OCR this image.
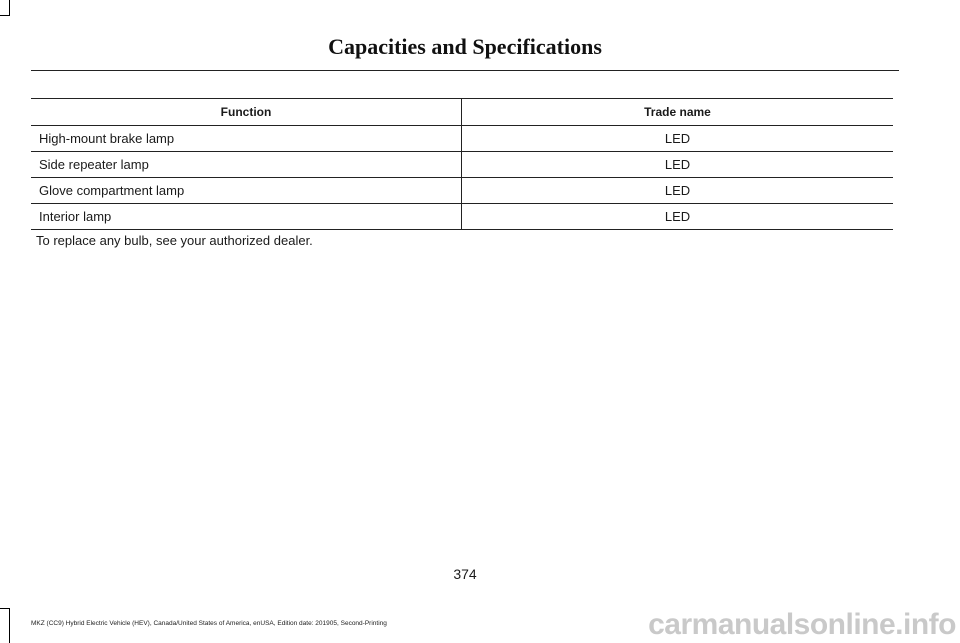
Capacities and Specifications
Function	Trade name
High-mount brake lamp	LED
Side repeater lamp	LED
Glove compartment lamp	LED
Interior lamp	LED
To replace any bulb, see your authorized dealer.
374
MKZ (CC9) Hybrid Electric Vehicle (HEV), Canada/United States of America, enUSA, Edition date: 201905, Second-Printing	carmanualsonline.info
